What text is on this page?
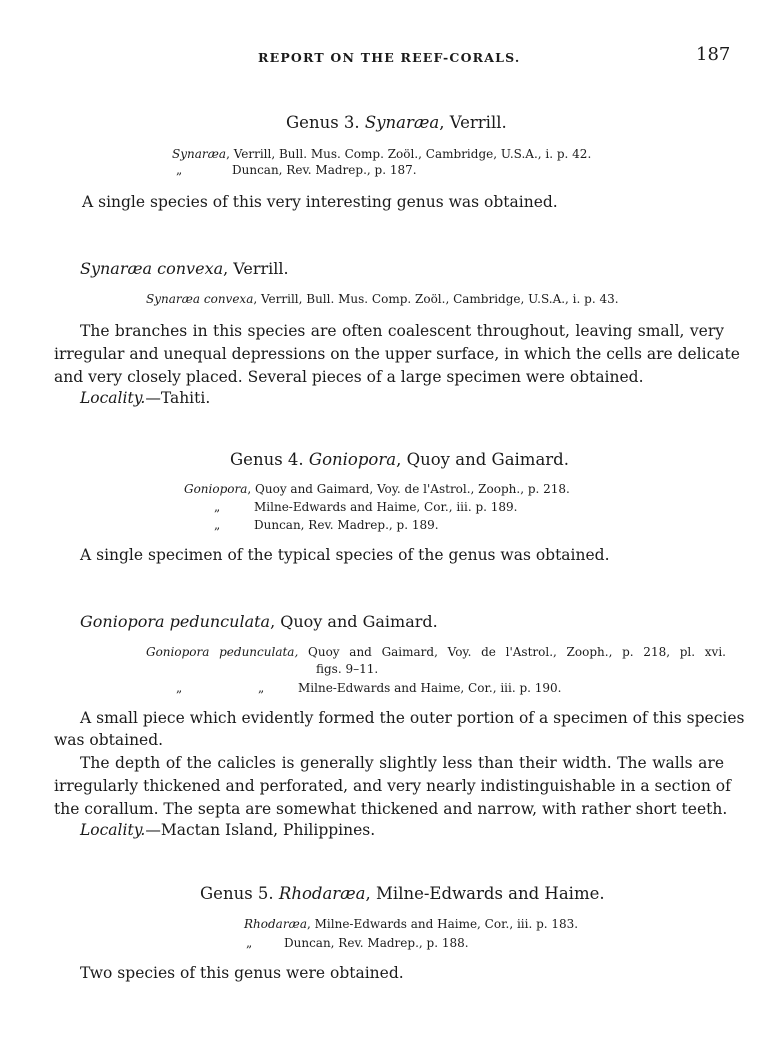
REPORT ON THE REEF-CORALS.	187
Genus 3. Synaræa, Verrill.
Synaræa, Verrill, Bull. Mus. Comp. Zoöl., Cambridge, U.S.A., i. p. 42.
„	Duncan, Rev. Madrep., p. 187.
A single species of this very interesting genus was obtained.
Synaræa convexa, Verrill.
Synaræa convexa, Verrill, Bull. Mus. Comp. Zoöl., Cambridge, U.S.A., i. p. 43.
The branches in this species are often coalescent throughout, leaving small, very
irregular and unequal depressions on the upper surface, in which the cells are delicate
and very closely placed. Several pieces of a large specimen were obtained.
Locality.—Tahiti.
Genus 4. Goniopora, Quoy and Gaimard.
Goniopora, Quoy and Gaimard, Voy. de l'Astrol., Zooph., p. 218.
„	Milne-Edwards and Haime, Cor., iii. p. 189.
„	Duncan, Rev. Madrep., p. 189.
A single specimen of the typical species of the genus was obtained.
Goniopora pedunculata, Quoy and Gaimard.
Goniopora pedunculata, Quoy and Gaimard, Voy. de l'Astrol., Zooph., p. 218, pl. xvi.
figs. 9–11.
„	„	Milne-Edwards and Haime, Cor., iii. p. 190.
A small piece which evidently formed the outer portion of a specimen of this species
was obtained.
The depth of the calicles is generally slightly less than their width. The walls are
irregularly thickened and perforated, and very nearly indistinguishable in a section of
the corallum. The septa are somewhat thickened and narrow, with rather short teeth.
Locality.—Mactan Island, Philippines.
Genus 5. Rhodaræa, Milne-Edwards and Haime.
Rhodaræa, Milne-Edwards and Haime, Cor., iii. p. 183.
„	Duncan, Rev. Madrep., p. 188.
Two species of this genus were obtained.
